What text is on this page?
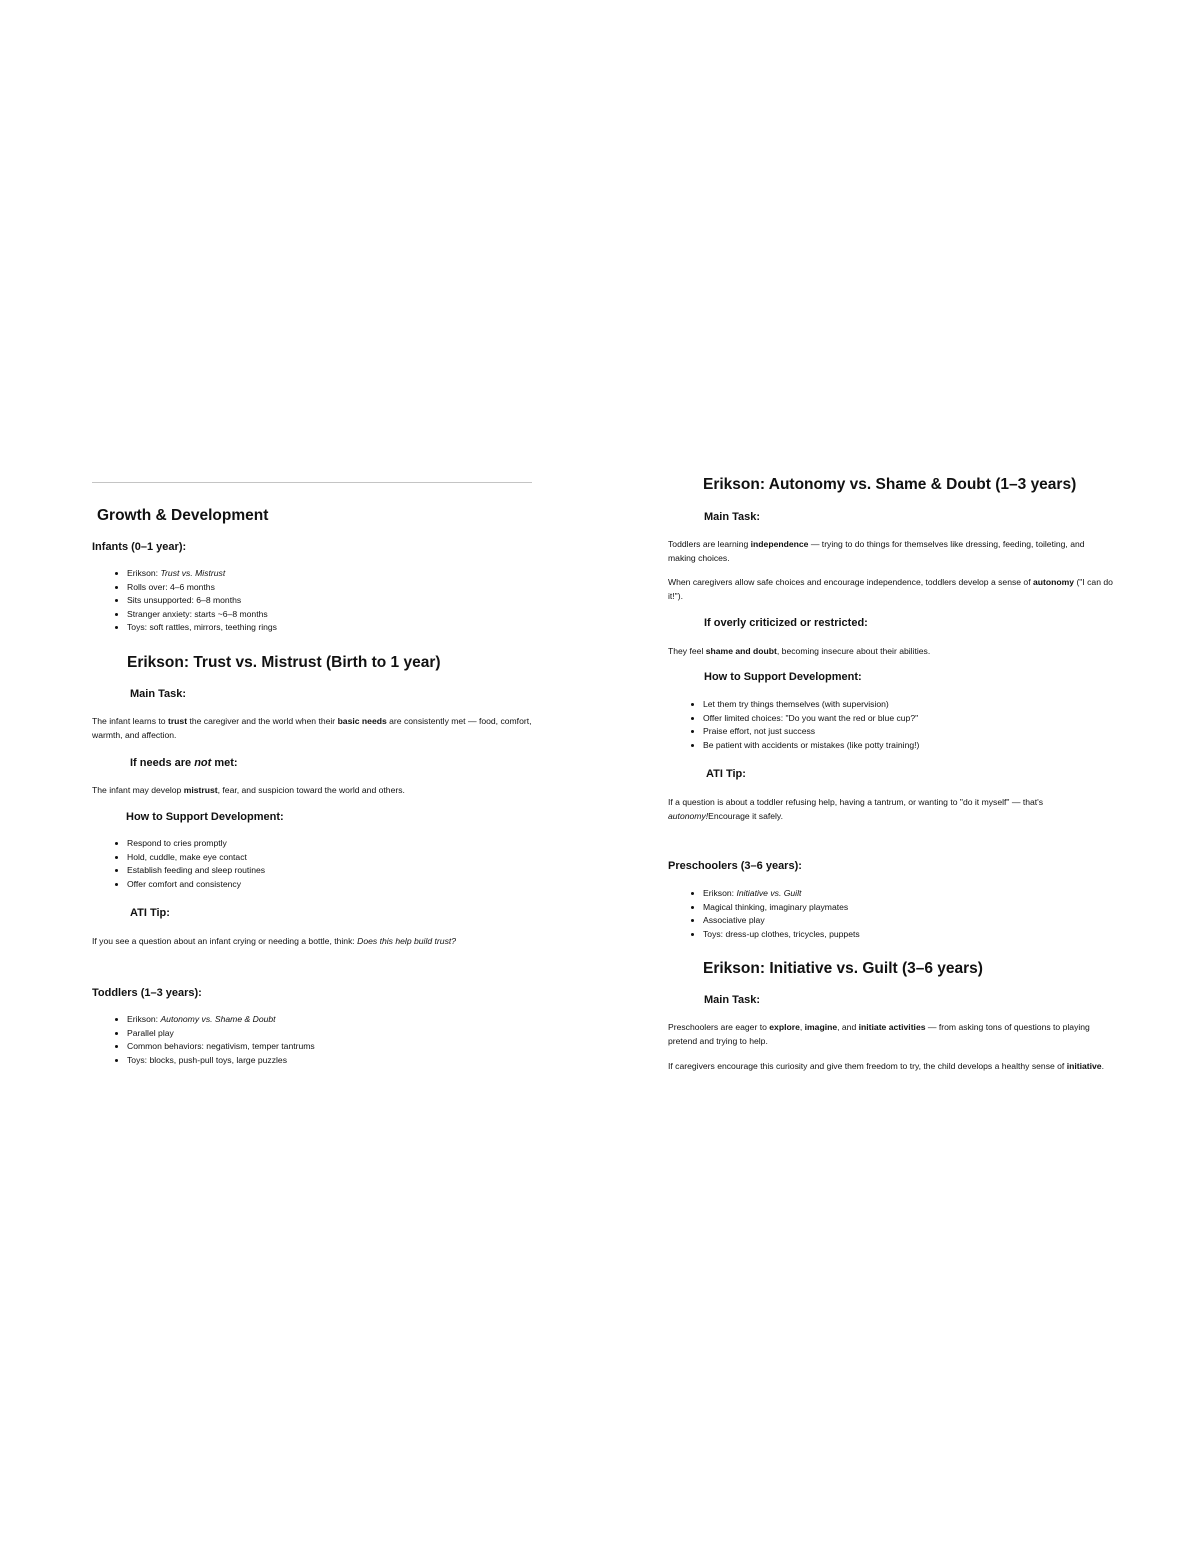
Growth & Development
Infants (0–1 year):
• Erikson: Trust vs. Mistrust
• Rolls over: 4–6 months
• Sits unsupported: 6–8 months
• Stranger anxiety: starts ~6–8 months
• Toys: soft rattles, mirrors, teething rings
Erikson: Trust vs. Mistrust (Birth to 1 year)
Main Task:
The infant learns to trust the caregiver and the world when their basic needs are consistently met — food, comfort, warmth, and affection.
If needs are not met:
The infant may develop mistrust, fear, and suspicion toward the world and others.
How to Support Development:
• Respond to cries promptly
• Hold, cuddle, make eye contact
• Establish feeding and sleep routines
• Offer comfort and consistency
ATI Tip:
If you see a question about an infant crying or needing a bottle, think: Does this help build trust?
Toddlers (1–3 years):
• Erikson: Autonomy vs. Shame & Doubt
• Parallel play
• Common behaviors: negativism, temper tantrums
• Toys: blocks, push-pull toys, large puzzles
Erikson: Autonomy vs. Shame & Doubt (1–3 years)
Main Task:
Toddlers are learning independence — trying to do things for themselves like dressing, feeding, toileting, and making choices.
When caregivers allow safe choices and encourage independence, toddlers develop a sense of autonomy ("I can do it!").
If overly criticized or restricted:
They feel shame and doubt, becoming insecure about their abilities.
How to Support Development:
• Let them try things themselves (with supervision)
• Offer limited choices: "Do you want the red or blue cup?"
• Praise effort, not just success
• Be patient with accidents or mistakes (like potty training!)
ATI Tip:
If a question is about a toddler refusing help, having a tantrum, or wanting to "do it myself" — that's autonomy!Encourage it safely.
Preschoolers (3–6 years):
• Erikson: Initiative vs. Guilt
• Magical thinking, imaginary playmates
• Associative play
• Toys: dress-up clothes, tricycles, puppets
Erikson: Initiative vs. Guilt (3–6 years)
Main Task:
Preschoolers are eager to explore, imagine, and initiate activities — from asking tons of questions to playing pretend and trying to help.
If caregivers encourage this curiosity and give them freedom to try, the child develops a healthy sense of initiative.
